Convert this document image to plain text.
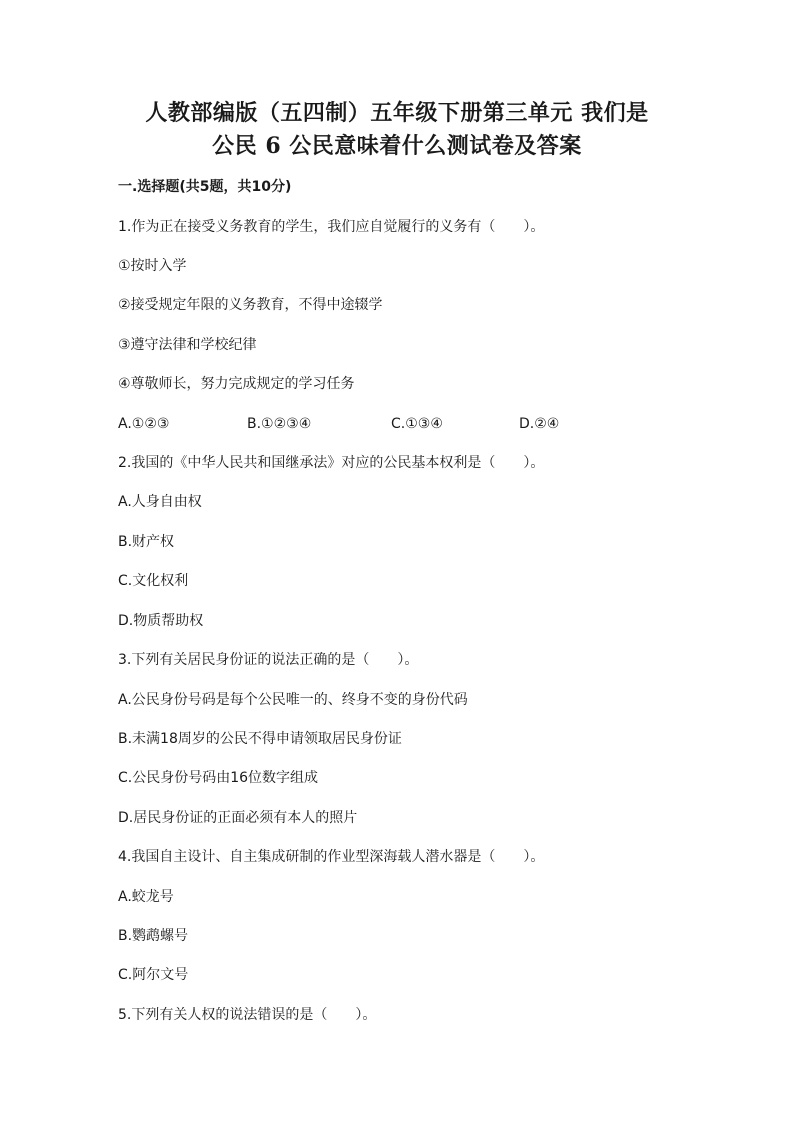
人教部编版（五四制）五年级下册第三单元 我们是
公民 6 公民意味着什么测试卷及答案
一.选择题(共5题，共10分)
1.作为正在接受义务教育的学生，我们应自觉履行的义务有（　　）。
①按时入学
②接受规定年限的义务教育，不得中途辍学
③遵守法律和学校纪律
④尊敬师长，努力完成规定的学习任务
A.①②③	B.①②③④	C.①③④	D.②④
2.我国的《中华人民共和国继承法》对应的公民基本权利是（　　）。
A.人身自由权
B.财产权
C.文化权利
D.物质帮助权
3.下列有关居民身份证的说法正确的是（　　）。
A.公民身份号码是每个公民唯一的、终身不变的身份代码
B.未满18周岁的公民不得申请领取居民身份证
C.公民身份号码由16位数字组成
D.居民身份证的正面必须有本人的照片
4.我国自主设计、自主集成研制的作业型深海载人潜水器是（　　）。
A.蛟龙号
B.鹦鹉螺号
C.阿尔文号
5.下列有关人权的说法错误的是（　　）。
